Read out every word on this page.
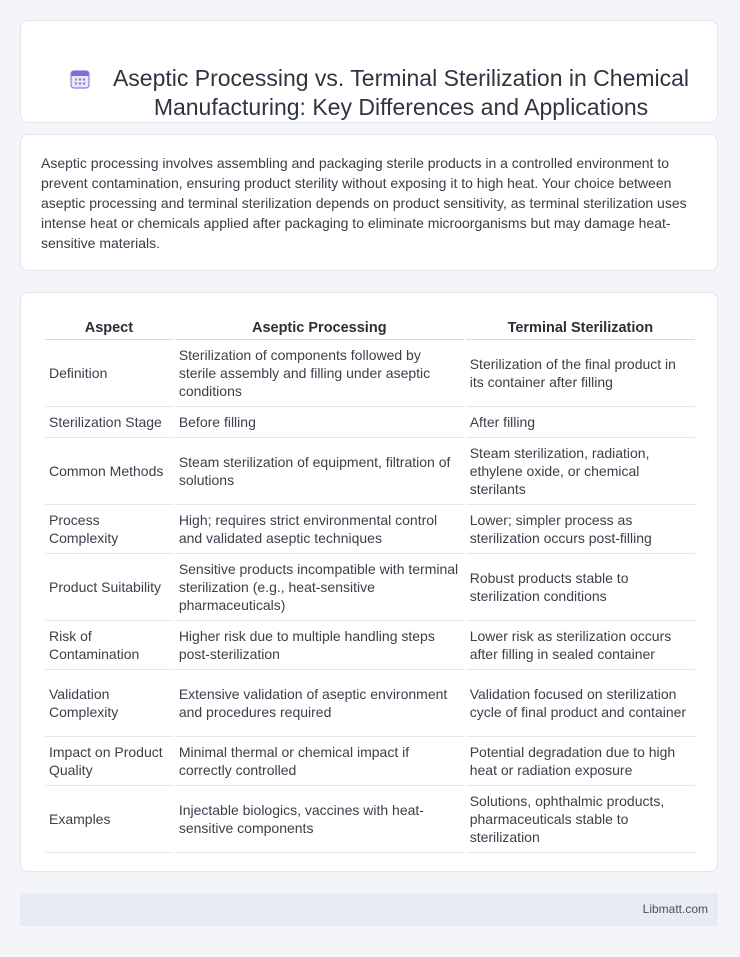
Aseptic Processing vs. Terminal Sterilization in Chemical Manufacturing: Key Differences and Applications

Aseptic processing involves assembling and packaging sterile products in a controlled environment to prevent contamination, ensuring product sterility without exposing it to high heat. Your choice between aseptic processing and terminal sterilization depends on product sensitivity, as terminal sterilization uses intense heat or chemicals applied after packaging to eliminate microorganisms but may damage heat-sensitive materials.

Aspect	Aseptic Processing	Terminal Sterilization
Definition	Sterilization of components followed by sterile assembly and filling under aseptic conditions	Sterilization of the final product in its container after filling
Sterilization Stage	Before filling	After filling
Common Methods	Steam sterilization of equipment, filtration of solutions	Steam sterilization, radiation, ethylene oxide, or chemical sterilants
Process Complexity	High; requires strict environmental control and validated aseptic techniques	Lower; simpler process as sterilization occurs post-filling
Product Suitability	Sensitive products incompatible with terminal sterilization (e.g., heat-sensitive pharmaceuticals)	Robust products stable to sterilization conditions
Risk of Contamination	Higher risk due to multiple handling steps post-sterilization	Lower risk as sterilization occurs after filling in sealed container
Validation Complexity	Extensive validation of aseptic environment and procedures required	Validation focused on sterilization cycle of final product and container
Impact on Product Quality	Minimal thermal or chemical impact if correctly controlled	Potential degradation due to high heat or radiation exposure
Examples	Injectable biologics, vaccines with heat-sensitive components	Solutions, ophthalmic products, pharmaceuticals stable to sterilization
Libmatt.com
